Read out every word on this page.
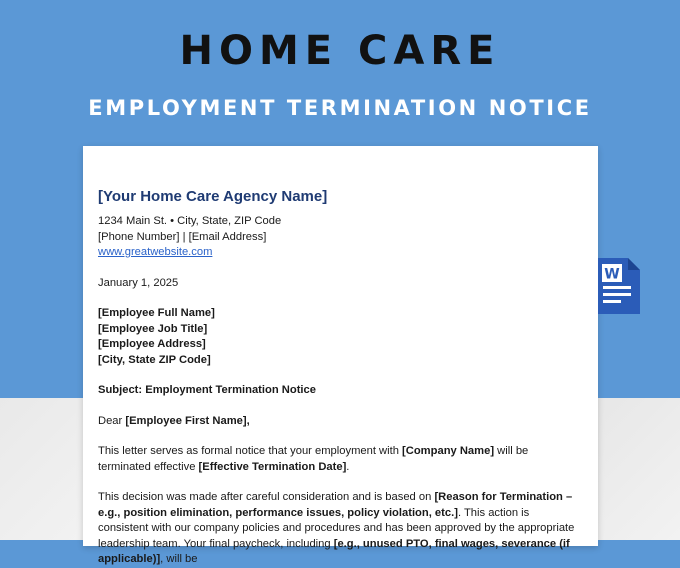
HOME CARE
EMPLOYMENT TERMINATION NOTICE
[Your Home Care Agency Name]
1234 Main St. • City, State, ZIP Code
[Phone Number] | [Email Address]
www.greatwebsite.com
January 1, 2025
[Employee Full Name]
[Employee Job Title]
[Employee Address]
[City, State ZIP Code]
Subject: Employment Termination Notice
Dear [Employee First Name],

This letter serves as formal notice that your employment with [Company Name] will be terminated effective [Effective Termination Date].

This decision was made after careful consideration and is based on [Reason for Termination – e.g., position elimination, performance issues, policy violation, etc.]. This action is consistent with our company policies and procedures and has been approved by the appropriate leadership team. Your final paycheck, including [e.g., unused PTO, final wages, severance (if applicable)], will be

W
